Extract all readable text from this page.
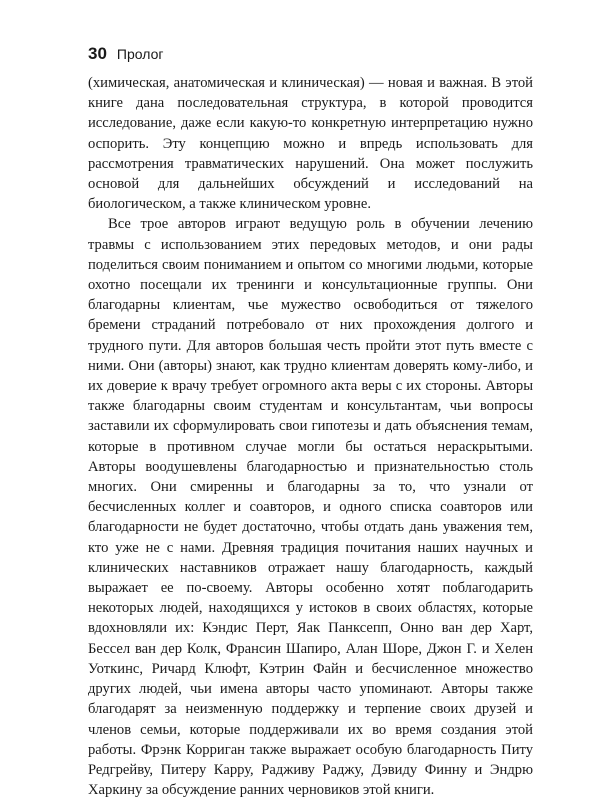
30 Пролог

(химическая, анатомическая и клиническая) — новая и важная. В этой книге дана последовательная структура, в которой проводится исследование, даже если какую-то конкретную интерпретацию нужно оспорить. Эту концепцию можно и впредь использовать для рассмотрения травматических нарушений. Она может послужить основой для дальнейших обсуждений и исследований на биологическом, а также клиническом уровне.

Все трое авторов играют ведущую роль в обучении лечению травмы с использованием этих передовых методов, и они рады поделиться своим пониманием и опытом со многими людьми, которые охотно посещали их тренинги и консультационные группы. Они благодарны клиентам, чье мужество освободиться от тяжелого бремени страданий потребовало от них прохождения долгого и трудного пути. Для авторов большая честь пройти этот путь вместе с ними. Они (авторы) знают, как трудно клиентам доверять кому-либо, и их доверие к врачу требует огромного акта веры с их стороны. Авторы также благодарны своим студентам и консультантам, чьи вопросы заставили их сформулировать свои гипотезы и дать объяснения темам, которые в противном случае могли бы остаться нераскрытыми. Авторы воодушевлены благодарностью и признательностью столь многих. Они смиренны и благодарны за то, что узнали от бесчисленных коллег и соавторов, и одного списка соавторов или благодарности не будет достаточно, чтобы отдать дань уважения тем, кто уже не с нами. Древняя традиция почитания наших научных и клинических наставников отражает нашу благодарность, каждый выражает ее по-своему. Авторы особенно хотят поблагодарить некоторых людей, находящихся у истоков в своих областях, которые вдохновляли их: Кэндис Перт, Яак Панксепп, Онно ван дер Харт, Бессел ван дер Колк, Франсин Шапиро, Алан Шоре, Джон Г. и Хелен Уоткинс, Ричард Клюфт, Кэтрин Файн и бесчисленное множество других людей, чьи имена авторы часто упоминают. Авторы также благодарят за неизменную поддержку и терпение своих друзей и членов семьи, которые поддерживали их во время создания этой работы. Фрэнк Корриган также выражает особую благодарность Питу Редгрейву, Питеру Карру, Радживу Раджу, Дэвиду Финну и Эндрю Харкину за обсуждение ранних черновиков этой книги.
